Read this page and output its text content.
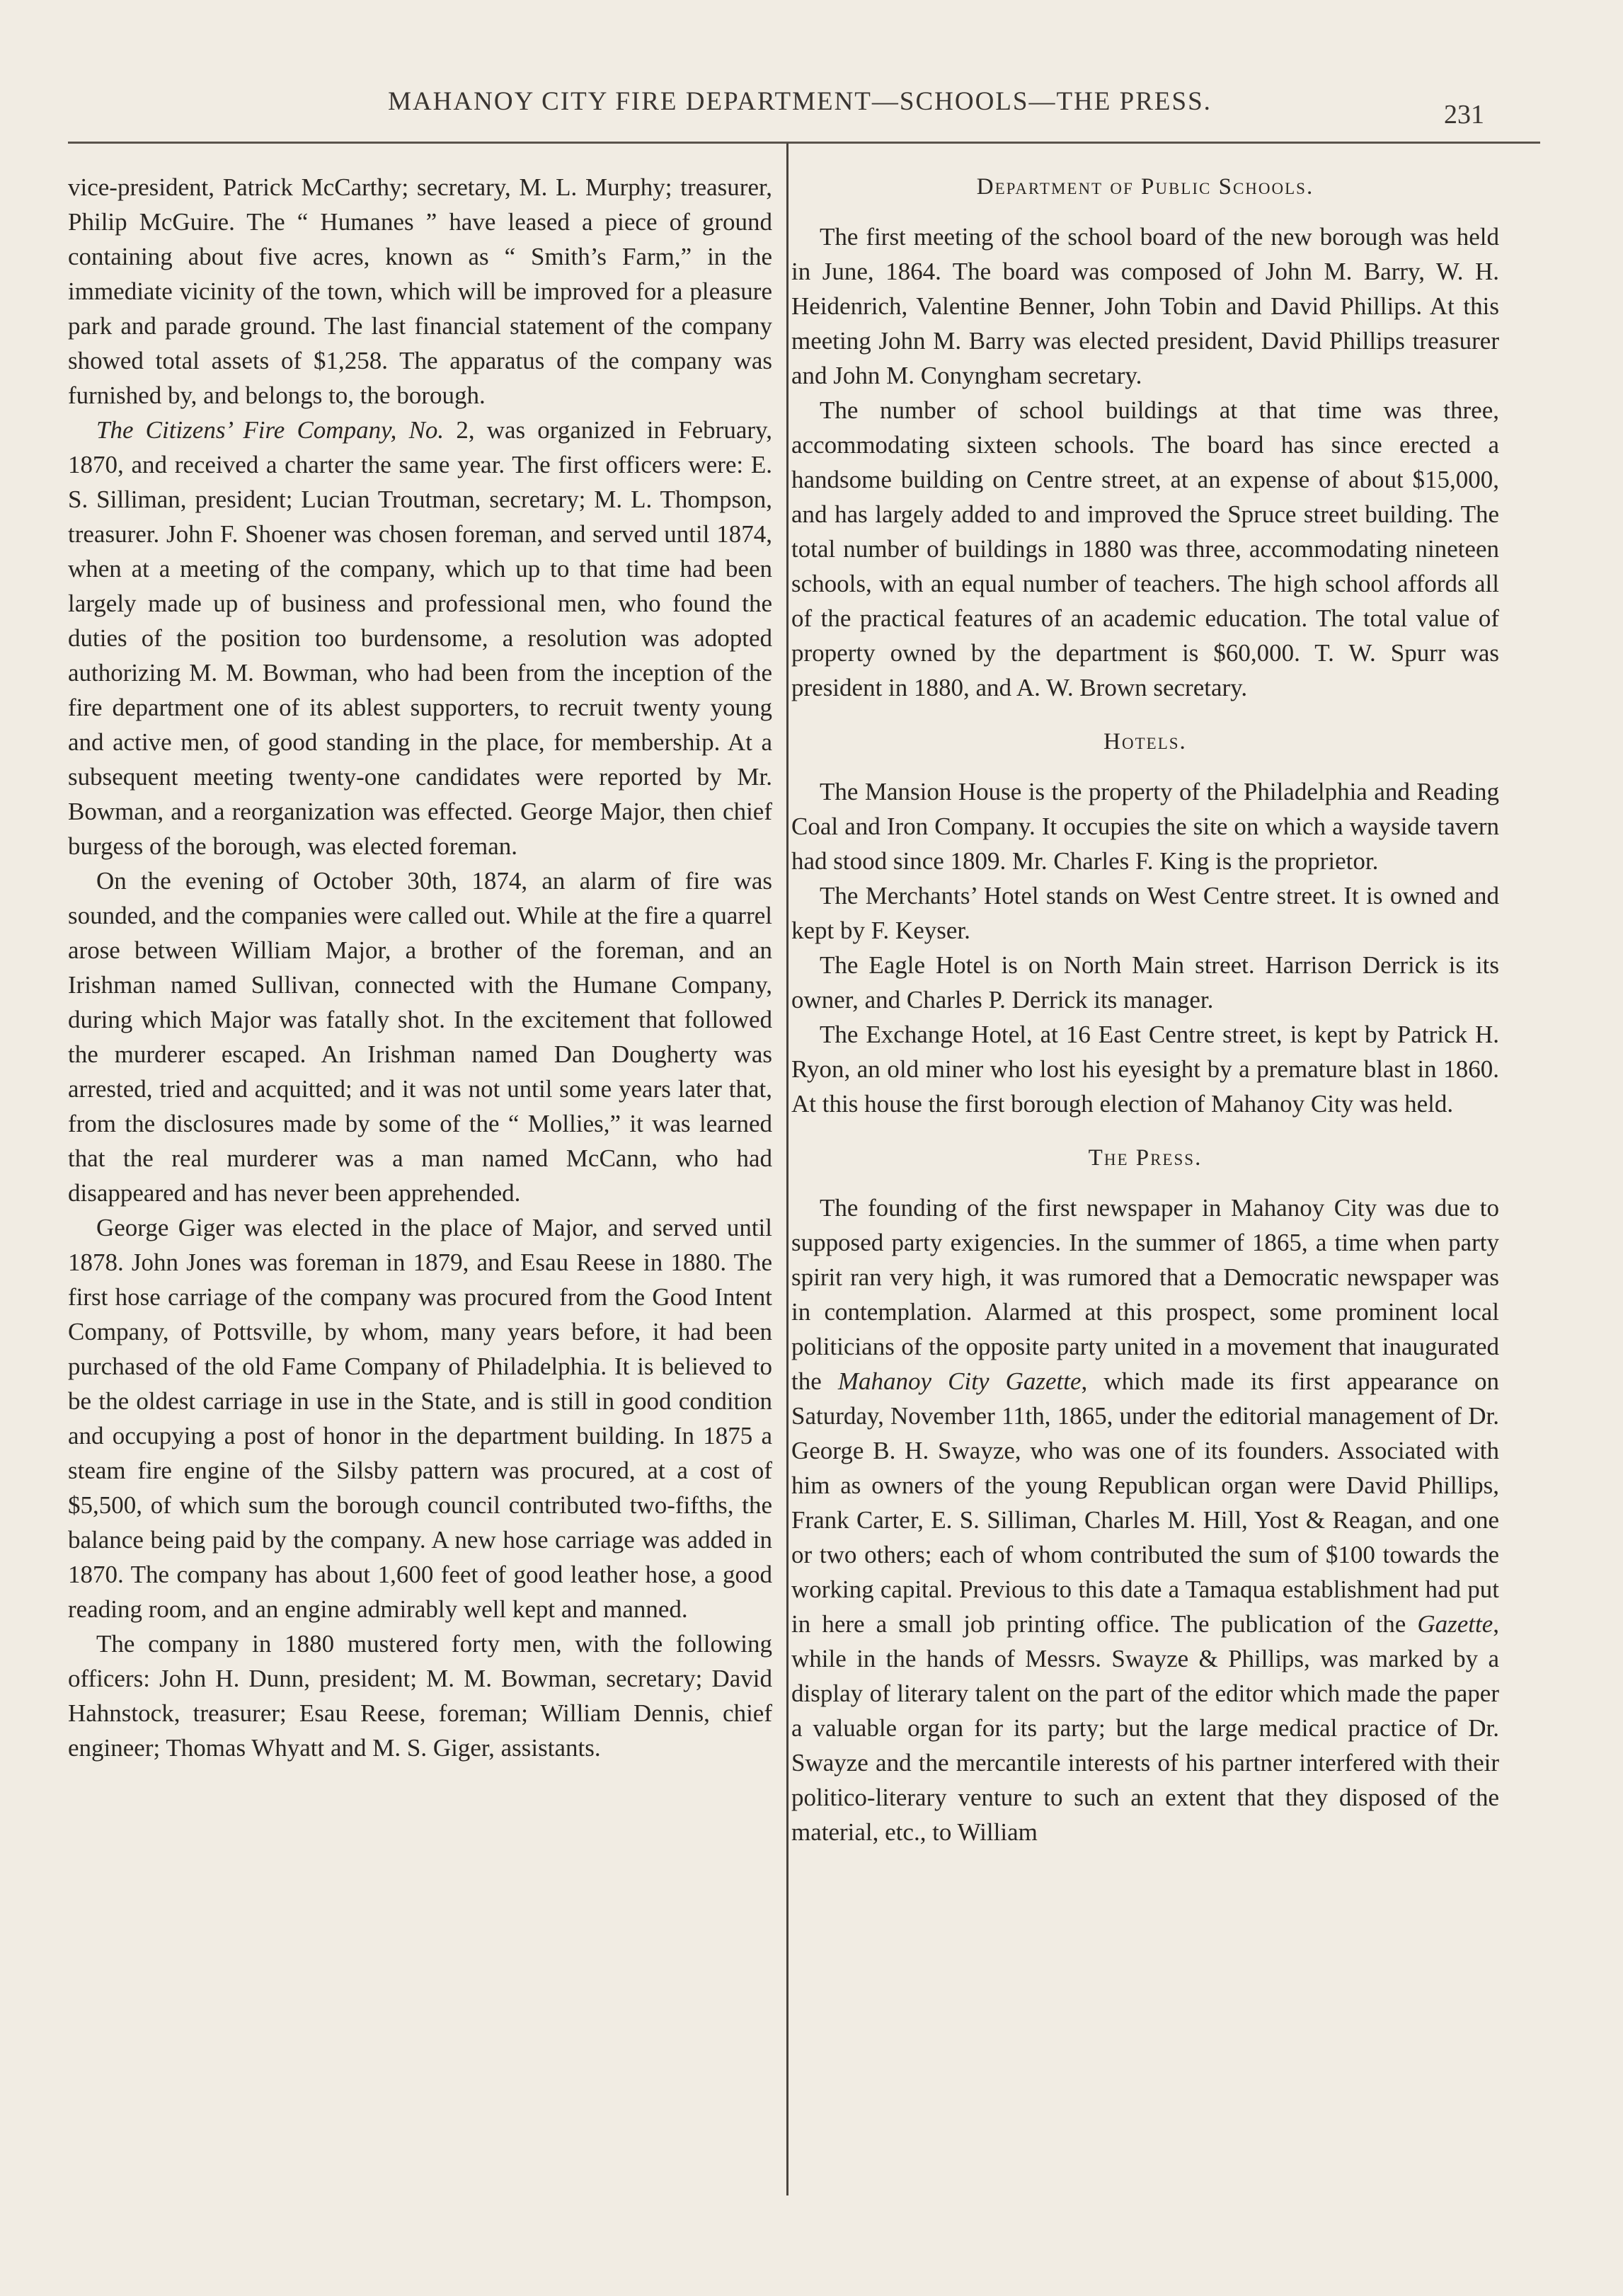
MAHANOY CITY FIRE DEPARTMENT—SCHOOLS—THE PRESS.	231

vice-president, Patrick McCarthy; secretary, M. L. Murphy; treasurer, Philip McGuire. The “ Humanes ” have leased a piece of ground containing about five acres, known as “ Smith’s Farm,” in the immediate vicinity of the town, which will be improved for a pleasure park and parade ground. The last financial statement of the company showed total assets of $1,258. The apparatus of the company was furnished by, and belongs to, the borough.

The Citizens’ Fire Company, No. 2, was organized in February, 1870, and received a charter the same year. The first officers were: E. S. Silliman, president; Lucian Troutman, secretary; M. L. Thompson, treasurer. John F. Shoener was chosen foreman, and served until 1874, when at a meeting of the company, which up to that time had been largely made up of business and professional men, who found the duties of the position too burdensome, a resolution was adopted authorizing M. M. Bowman, who had been from the inception of the fire department one of its ablest supporters, to recruit twenty young and active men, of good standing in the place, for membership. At a subsequent meeting twenty-one candidates were reported by Mr. Bowman, and a reorganization was effected. George Major, then chief burgess of the borough, was elected foreman.

On the evening of October 30th, 1874, an alarm of fire was sounded, and the companies were called out. While at the fire a quarrel arose between William Major, a brother of the foreman, and an Irishman named Sullivan, connected with the Humane Company, during which Major was fatally shot. In the excitement that followed the murderer escaped. An Irishman named Dan Dougherty was arrested, tried and acquitted; and it was not until some years later that, from the disclosures made by some of the “ Mollies,” it was learned that the real murderer was a man named McCann, who had disappeared and has never been apprehended.

George Giger was elected in the place of Major, and served until 1878. John Jones was foreman in 1879, and Esau Reese in 1880. The first hose carriage of the company was procured from the Good Intent Company, of Pottsville, by whom, many years before, it had been purchased of the old Fame Company of Philadelphia. It is believed to be the oldest carriage in use in the State, and is still in good condition and occupying a post of honor in the department building. In 1875 a steam fire engine of the Silsby pattern was procured, at a cost of $5,500, of which sum the borough council contributed two-fifths, the balance being paid by the company. A new hose carriage was added in 1870. The company has about 1,600 feet of good leather hose, a good reading room, and an engine admirably well kept and manned.

The company in 1880 mustered forty men, with the following officers: John H. Dunn, president; M. M. Bowman, secretary; David Hahnstock, treasurer; Esau Reese, foreman; William Dennis, chief engineer; Thomas Whyatt and M. S. Giger, assistants.

Department of Public Schools.

The first meeting of the school board of the new borough was held in June, 1864. The board was composed of John M. Barry, W. H. Heidenrich, Valentine Benner, John Tobin and David Phillips. At this meeting John M. Barry was elected president, David Phillips treasurer and John M. Conyngham secretary.

The number of school buildings at that time was three, accommodating sixteen schools. The board has since erected a handsome building on Centre street, at an expense of about $15,000, and has largely added to and improved the Spruce street building. The total number of buildings in 1880 was three, accommodating nineteen schools, with an equal number of teachers. The high school affords all of the practical features of an academic education. The total value of property owned by the department is $60,000. T. W. Spurr was president in 1880, and A. W. Brown secretary.

Hotels.

The Mansion House is the property of the Philadelphia and Reading Coal and Iron Company. It occupies the site on which a wayside tavern had stood since 1809. Mr. Charles F. King is the proprietor.

The Merchants’ Hotel stands on West Centre street. It is owned and kept by F. Keyser.

The Eagle Hotel is on North Main street. Harrison Derrick is its owner, and Charles P. Derrick its manager.

The Exchange Hotel, at 16 East Centre street, is kept by Patrick H. Ryon, an old miner who lost his eyesight by a premature blast in 1860. At this house the first borough election of Mahanoy City was held.

The Press.

The founding of the first newspaper in Mahanoy City was due to supposed party exigencies. In the summer of 1865, a time when party spirit ran very high, it was rumored that a Democratic newspaper was in contemplation. Alarmed at this prospect, some prominent local politicians of the opposite party united in a movement that inaugurated the Mahanoy City Gazette, which made its first appearance on Saturday, November 11th, 1865, under the editorial management of Dr. George B. H. Swayze, who was one of its founders. Associated with him as owners of the young Republican organ were David Phillips, Frank Carter, E. S. Silliman, Charles M. Hill, Yost & Reagan, and one or two others; each of whom contributed the sum of $100 towards the working capital. Previous to this date a Tamaqua establishment had put in here a small job printing office. The publication of the Gazette, while in the hands of Messrs. Swayze & Phillips, was marked by a display of literary talent on the part of the editor which made the paper a valuable organ for its party; but the large medical practice of Dr. Swayze and the mercantile interests of his partner interfered with their politico-literary venture to such an extent that they disposed of the material, etc., to William
